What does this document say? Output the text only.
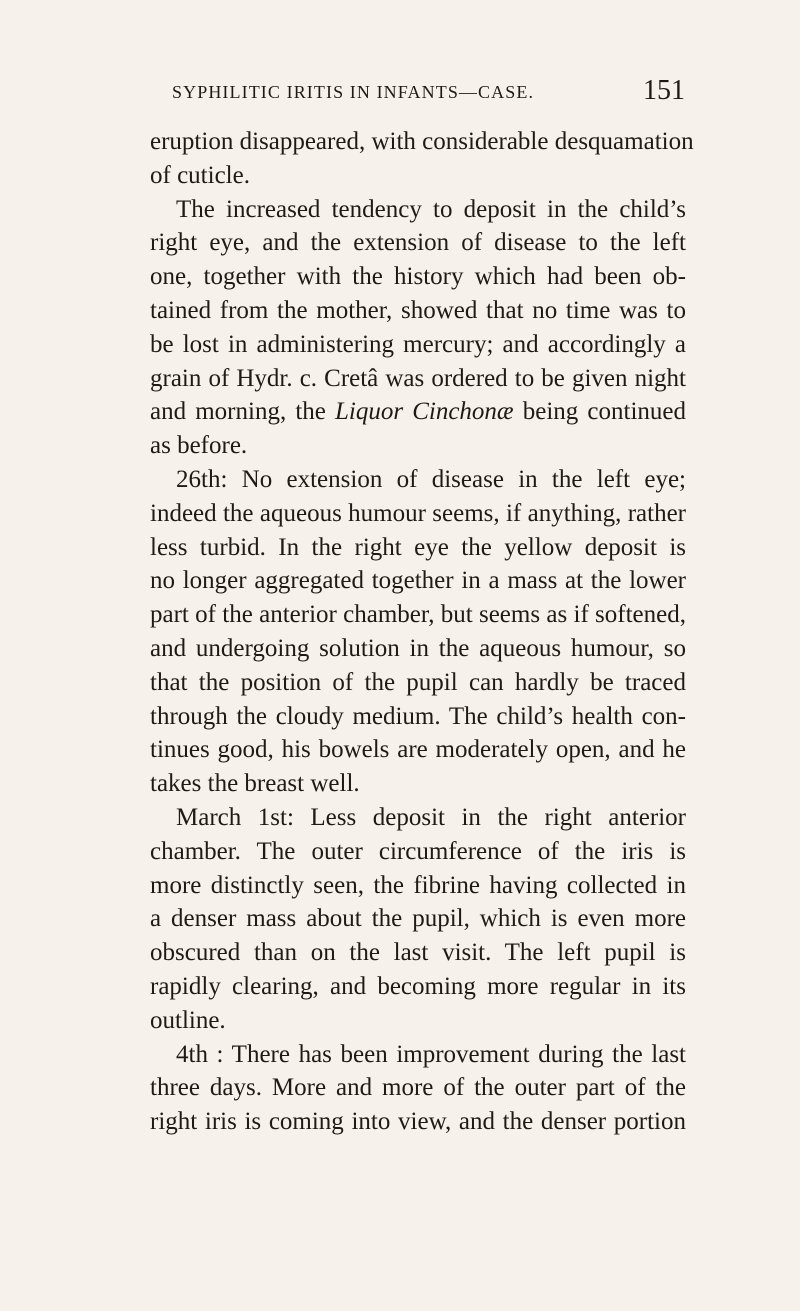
SYPHILITIC IRITIS IN INFANTS—CASE.	151
eruption disappeared, with considerable desquamation
of cuticle.
The increased tendency to deposit in the child’s
right eye, and the extension of disease to the left
one, together with the history which had been ob-
tained from the mother, showed that no time was to
be lost in administering mercury; and accordingly a
grain of Hydr. c. Cretâ was ordered to be given night
and morning, the Liquor Cinchonæ being continued
as before.
26th: No extension of disease in the left eye;
indeed the aqueous humour seems, if anything, rather
less turbid. In the right eye the yellow deposit is
no longer aggregated together in a mass at the lower
part of the anterior chamber, but seems as if softened,
and undergoing solution in the aqueous humour, so
that the position of the pupil can hardly be traced
through the cloudy medium. The child’s health con-
tinues good, his bowels are moderately open, and he
takes the breast well.
March 1st: Less deposit in the right anterior
chamber. The outer circumference of the iris is
more distinctly seen, the fibrine having collected in
a denser mass about the pupil, which is even more
obscured than on the last visit. The left pupil is
rapidly clearing, and becoming more regular in its
outline.
4th : There has been improvement during the last
three days. More and more of the outer part of the
right iris is coming into view, and the denser portion
